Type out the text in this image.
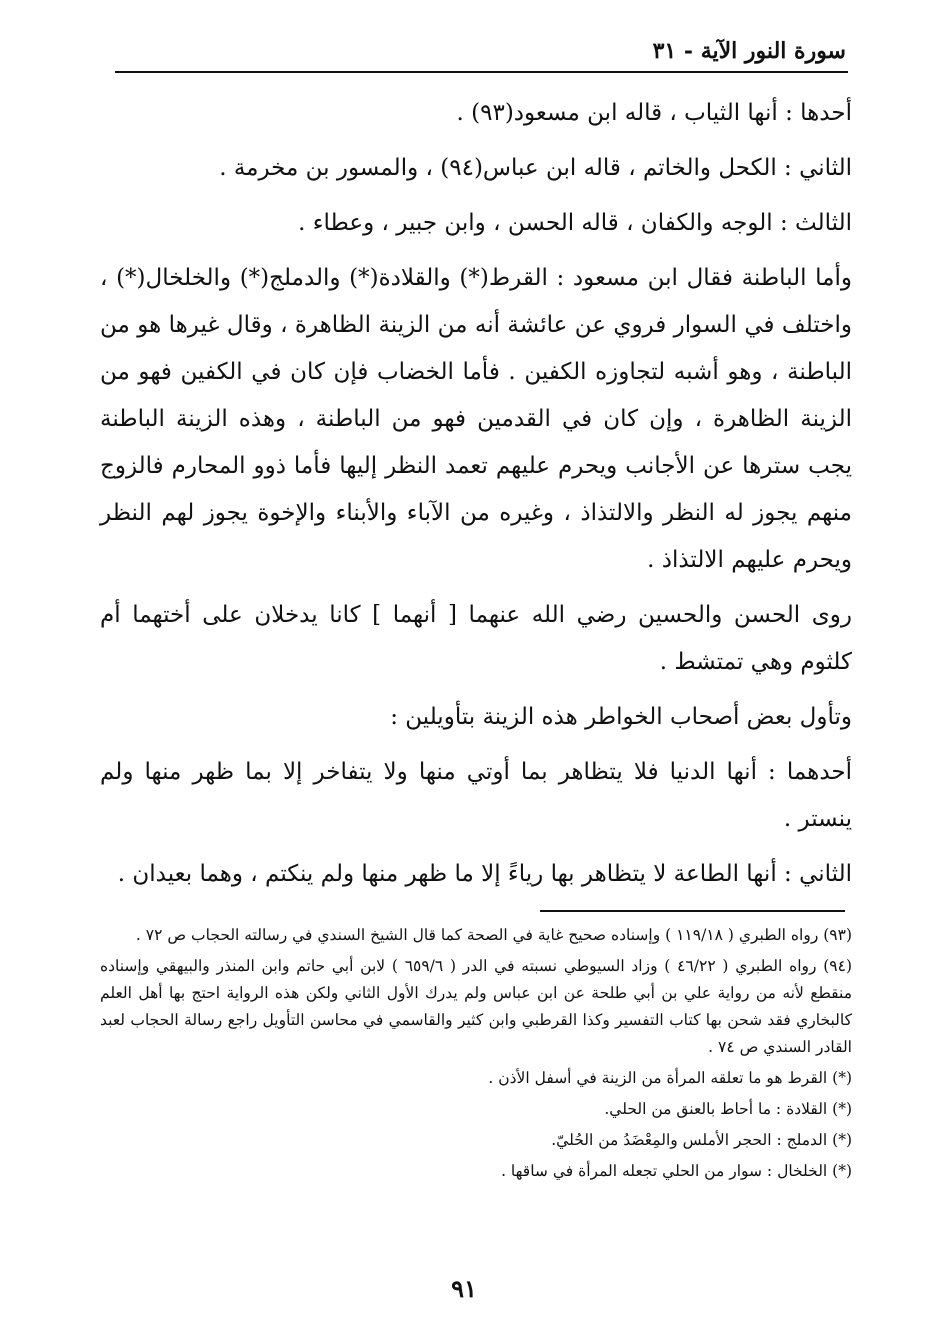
سورة النور الآية - ٣١

أحدها : أنها الثياب ، قاله ابن مسعود(٩٣) .

الثاني : الكحل والخاتم ، قاله ابن عباس(٩٤) ، والمسور بن مخرمة .

الثالث : الوجه والكفان ، قاله الحسن ، وابن جبير ، وعطاء .

وأما الباطنة فقال ابن مسعود : القرط(*) والقلادة(*) والدملج(*) والخلخال(*) ، واختلف في السوار فروي عن عائشة أنه من الزينة الظاهرة ، وقال غيرها هو من الباطنة ، وهو أشبه لتجاوزه الكفين . فأما الخضاب فإن كان في الكفين فهو من الزينة الظاهرة ، وإن كان في القدمين فهو من الباطنة ، وهذه الزينة الباطنة يجب سترها عن الأجانب ويحرم عليهم تعمد النظر إليها فأما ذوو المحارم فالزوج منهم يجوز له النظر والالتذاذ ، وغيره من الآباء والأبناء والإخوة يجوز لهم النظر ويحرم عليهم الالتذاذ .

روى الحسن والحسين رضي الله عنهما [ أنهما ] كانا يدخلان على أختهما أم كلثوم وهي تمتشط .

وتأول بعض أصحاب الخواطر هذه الزينة بتأويلين :

أحدهما : أنها الدنيا فلا يتظاهر بما أوتي منها ولا يتفاخر إلا بما ظهر منها ولم ينستر .

الثاني : أنها الطاعة لا يتظاهر بها رياءً إلا ما ظهر منها ولم ينكتم ، وهما بعيدان .

(٩٣) رواه الطبري ( ١١٩/١٨ ) وإسناده صحيح غاية في الصحة كما قال الشيخ السندي في رسالته الحجاب ص ٧٢ .

(٩٤) رواه الطبري ( ٤٦/٢٢ ) وزاد السيوطي نسبته في الدر ( ٦٥٩/٦ ) لابن أبي حاتم وابن المنذر والبيهقي وإسناده منقطع لأنه من رواية علي بن أبي طلحة عن ابن عباس ولم يدرك الأول الثاني ولكن هذه الرواية احتج بها أهل العلم كالبخاري فقد شحن بها كتاب التفسير وكذا القرطبي وابن كثير والقاسمي في محاسن التأويل راجع رسالة الحجاب لعبد القادر السندي ص ٧٤ .

(*) القرط هو ما تعلقه المرأة من الزينة في أسفل الأذن .

(*) القلادة : ما أحاط بالعنق من الحلي.

(*) الدملج : الحجر الأملس والمِعْضَدُ من الحُليّ.

(*) الخلخال : سوار من الحلي تجعله المرأة في ساقها .

٩١
